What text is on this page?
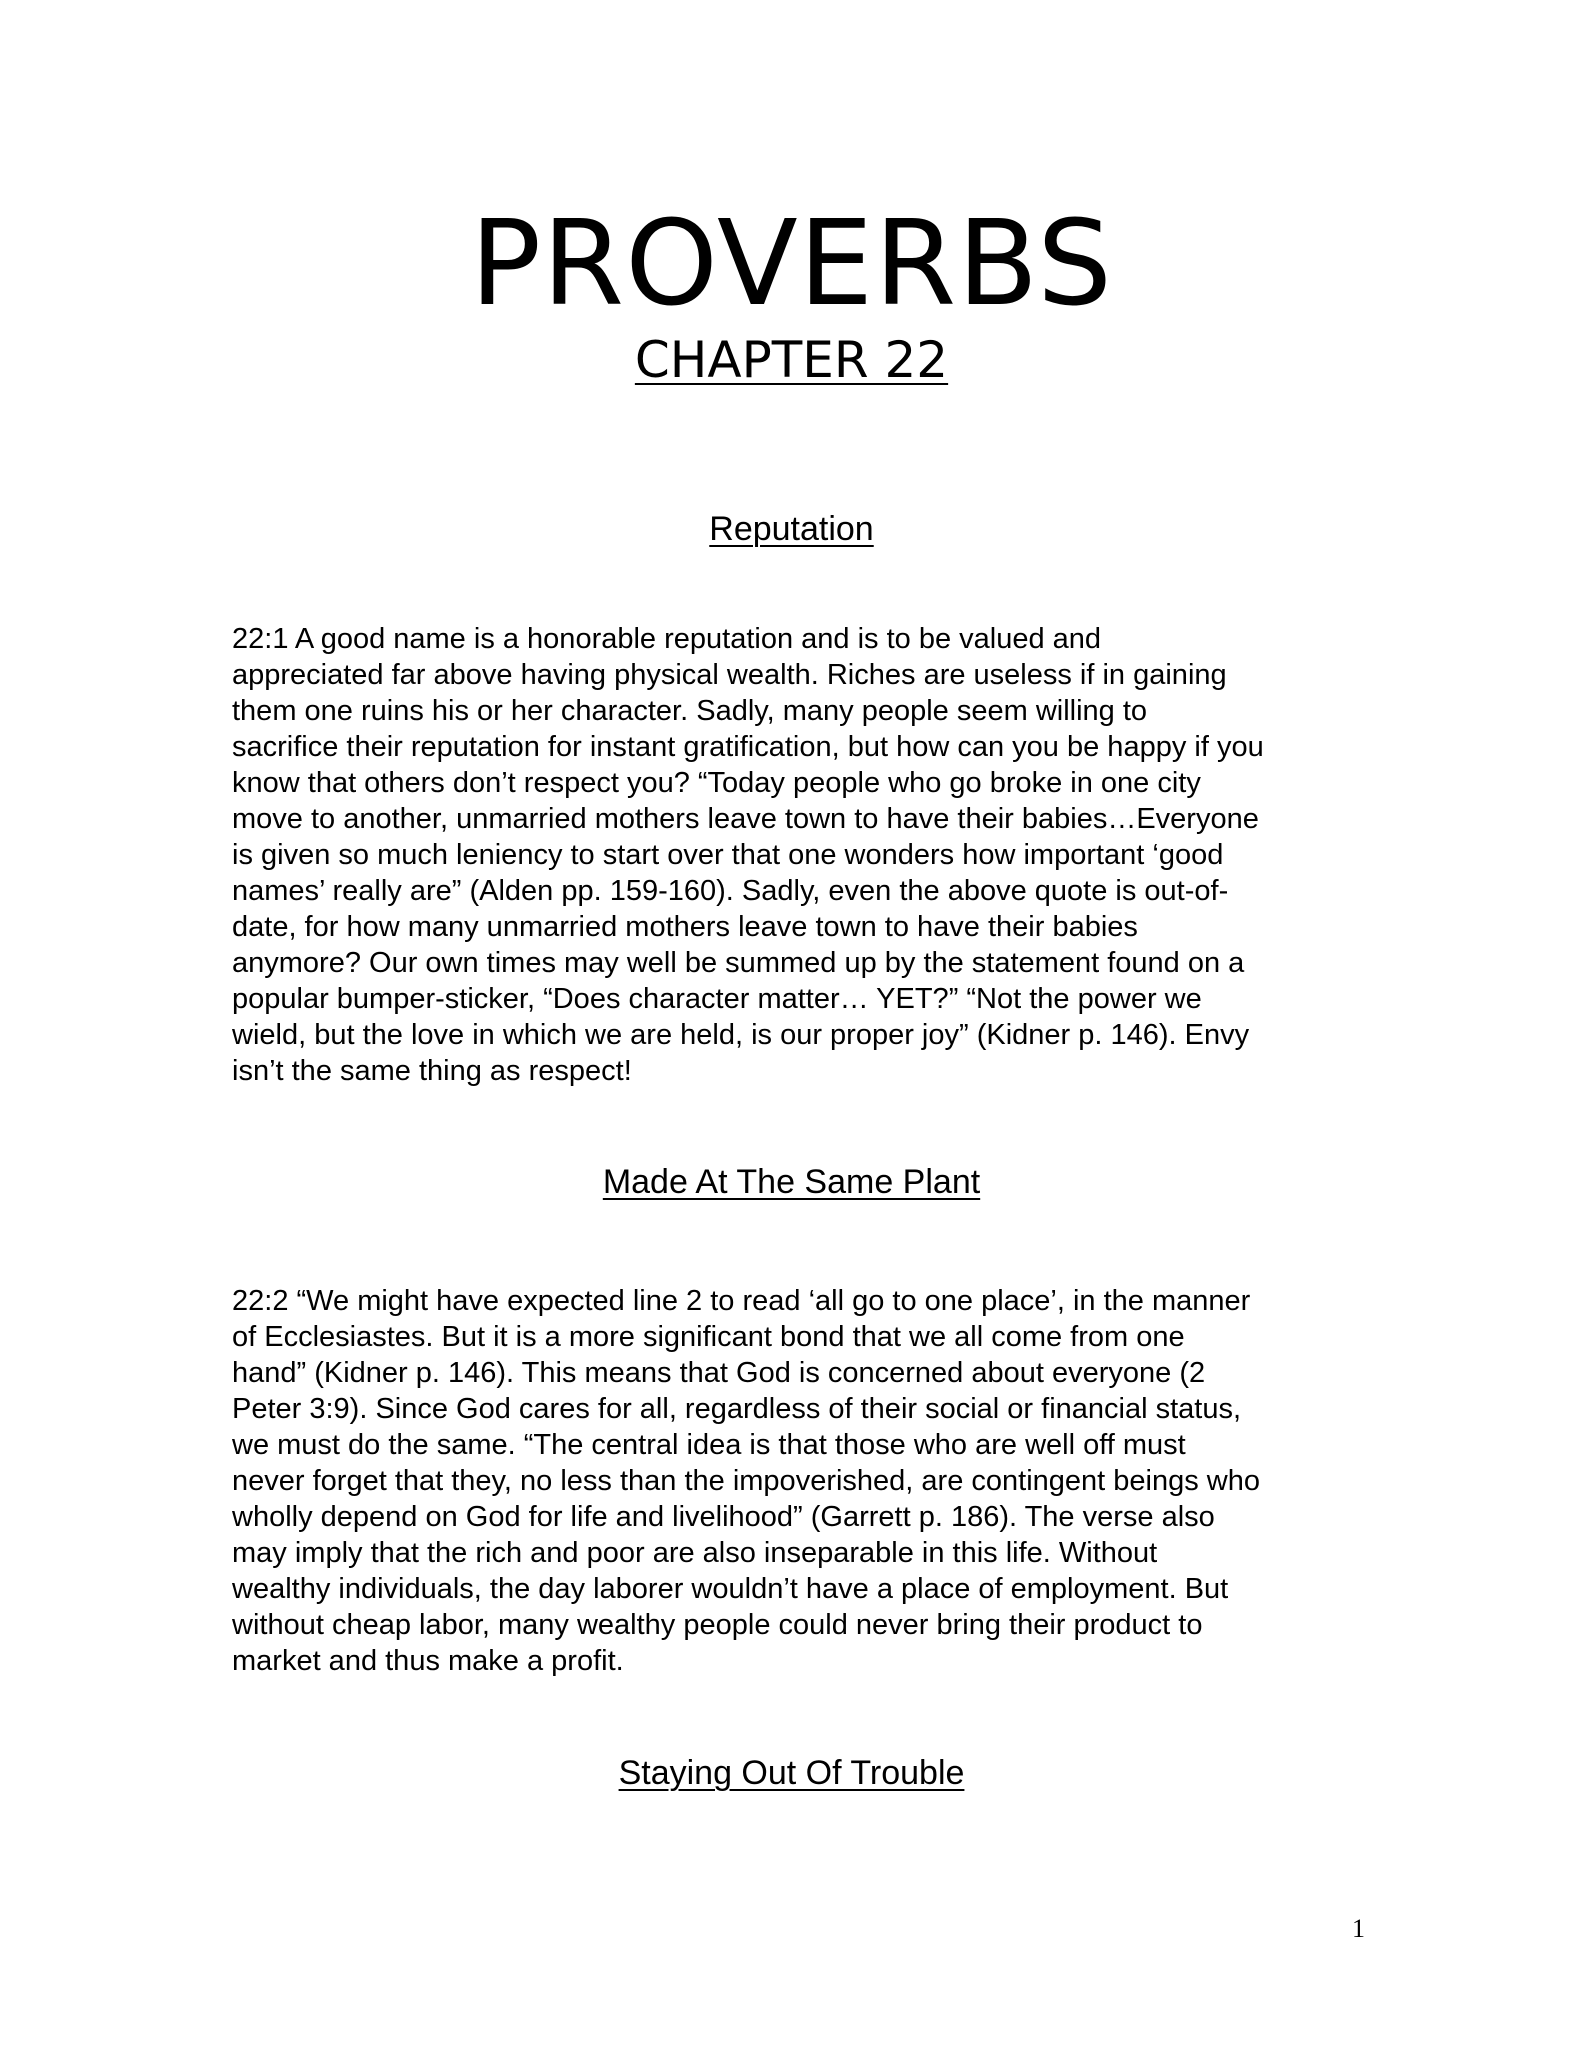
PROVERBS
CHAPTER 22
Reputation

22:1 A good name is a honorable reputation and is to be valued and
appreciated far above having physical wealth. Riches are useless if in gaining
them one ruins his or her character. Sadly, many people seem willing to
sacrifice their reputation for instant gratification, but how can you be happy if you
know that others don’t respect you? “Today people who go broke in one city
move to another, unmarried mothers leave town to have their babies…Everyone
is given so much leniency to start over that one wonders how important ‘good
names’ really are” (Alden pp. 159-160). Sadly, even the above quote is out-of-
date, for how many unmarried mothers leave town to have their babies
anymore? Our own times may well be summed up by the statement found on a
popular bumper-sticker, “Does character matter… YET?” “Not the power we
wield, but the love in which we are held, is our proper joy” (Kidner p. 146). Envy
isn’t the same thing as respect!

Made At The Same Plant

22:2 “We might have expected line 2 to read ‘all go to one place’, in the manner
of Ecclesiastes. But it is a more significant bond that we all come from one
hand” (Kidner p. 146). This means that God is concerned about everyone (2
Peter 3:9). Since God cares for all, regardless of their social or financial status,
we must do the same. “The central idea is that those who are well off must
never forget that they, no less than the impoverished, are contingent beings who
wholly depend on God for life and livelihood” (Garrett p. 186). The verse also
may imply that the rich and poor are also inseparable in this life. Without
wealthy individuals, the day laborer wouldn’t have a place of employment. But
without cheap labor, many wealthy people could never bring their product to
market and thus make a profit.

Staying Out Of Trouble
1
